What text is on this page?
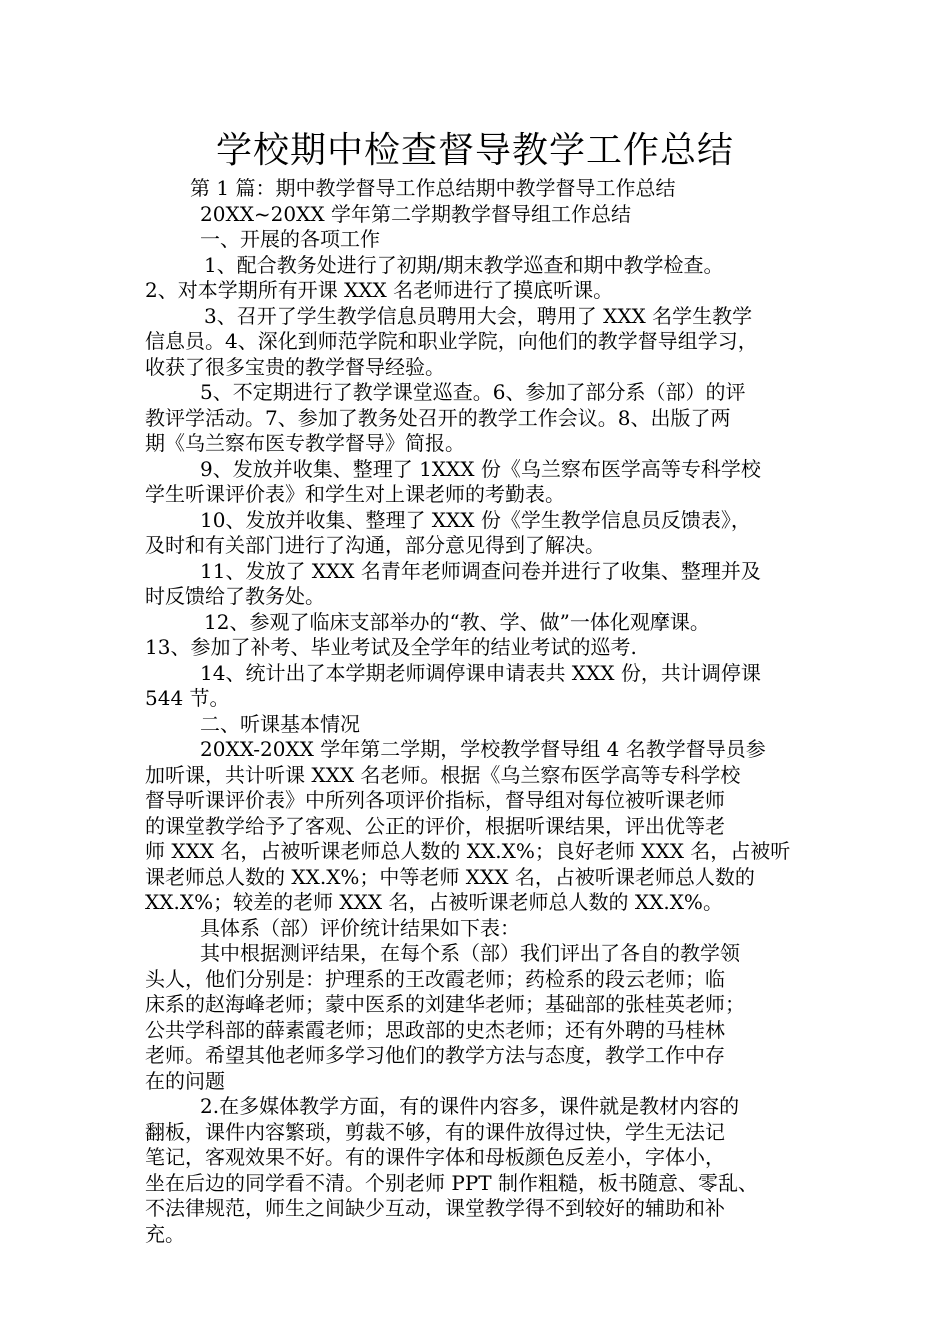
学校期中检查督导教学工作总结
第 1 篇：期中教学督导工作总结期中教学督导工作总结
20XX~20XX 学年第二学期教学督导组工作总结
一、开展的各项工作
1、配合教务处进行了初期/期末教学巡查和期中教学检查。
2、对本学期所有开课 XXX 名老师进行了摸底听课。
3、召开了学生教学信息员聘用大会，聘用了 XXX 名学生教学
信息员。4、深化到师范学院和职业学院，向他们的教学督导组学习，
收获了很多宝贵的教学督导经验。
5、不定期进行了教学课堂巡查。6、参加了部分系（部）的评
教评学活动。7、参加了教务处召开的教学工作会议。8、出版了两
期《乌兰察布医专教学督导》简报。
9、发放并收集、整理了 1XXX 份《乌兰察布医学高等专科学校
学生听课评价表》和学生对上课老师的考勤表。
10、发放并收集、整理了 XXX 份《学生教学信息员反馈表》，
及时和有关部门进行了沟通，部分意见得到了解决。
11、发放了 XXX 名青年老师调查问卷并进行了收集、整理并及
时反馈给了教务处。
12、参观了临床支部举办的“教、学、做”一体化观摩课。
13、参加了补考、毕业考试及全学年的结业考试的巡考.
14、统计出了本学期老师调停课申请表共 XXX 份，共计调停课
544 节。
二、听课基本情况
20XX-20XX 学年第二学期，学校教学督导组 4 名教学督导员参
加听课，共计听课 XXX 名老师。根据《乌兰察布医学高等专科学校
督导听课评价表》中所列各项评价指标，督导组对每位被听课老师
的课堂教学给予了客观、公正的评价，根据听课结果，评出优等老
师 XXX 名，占被听课老师总人数的 XX.X%；良好老师 XXX 名，占被听
课老师总人数的 XX.X%；中等老师 XXX 名，占被听课老师总人数的
XX.X%；较差的老师 XXX 名，占被听课老师总人数的 XX.X%。
具体系（部）评价统计结果如下表：
其中根据测评结果，在每个系（部）我们评出了各自的教学领
头人，他们分别是：护理系的王改霞老师；药检系的段云老师；临
床系的赵海峰老师；蒙中医系的刘建华老师；基础部的张桂英老师；
公共学科部的薛素霞老师；思政部的史杰老师；还有外聘的马桂林
老师。希望其他老师多学习他们的教学方法与态度，教学工作中存
在的问题
2.在多媒体教学方面，有的课件内容多，课件就是教材内容的
翻板，课件内容繁琐，剪裁不够，有的课件放得过快，学生无法记
笔记，客观效果不好。有的课件字体和母板颜色反差小，字体小，
坐在后边的同学看不清。个别老师 PPT 制作粗糙，板书随意、零乱、
不法律规范，师生之间缺少互动，课堂教学得不到较好的辅助和补
充。
